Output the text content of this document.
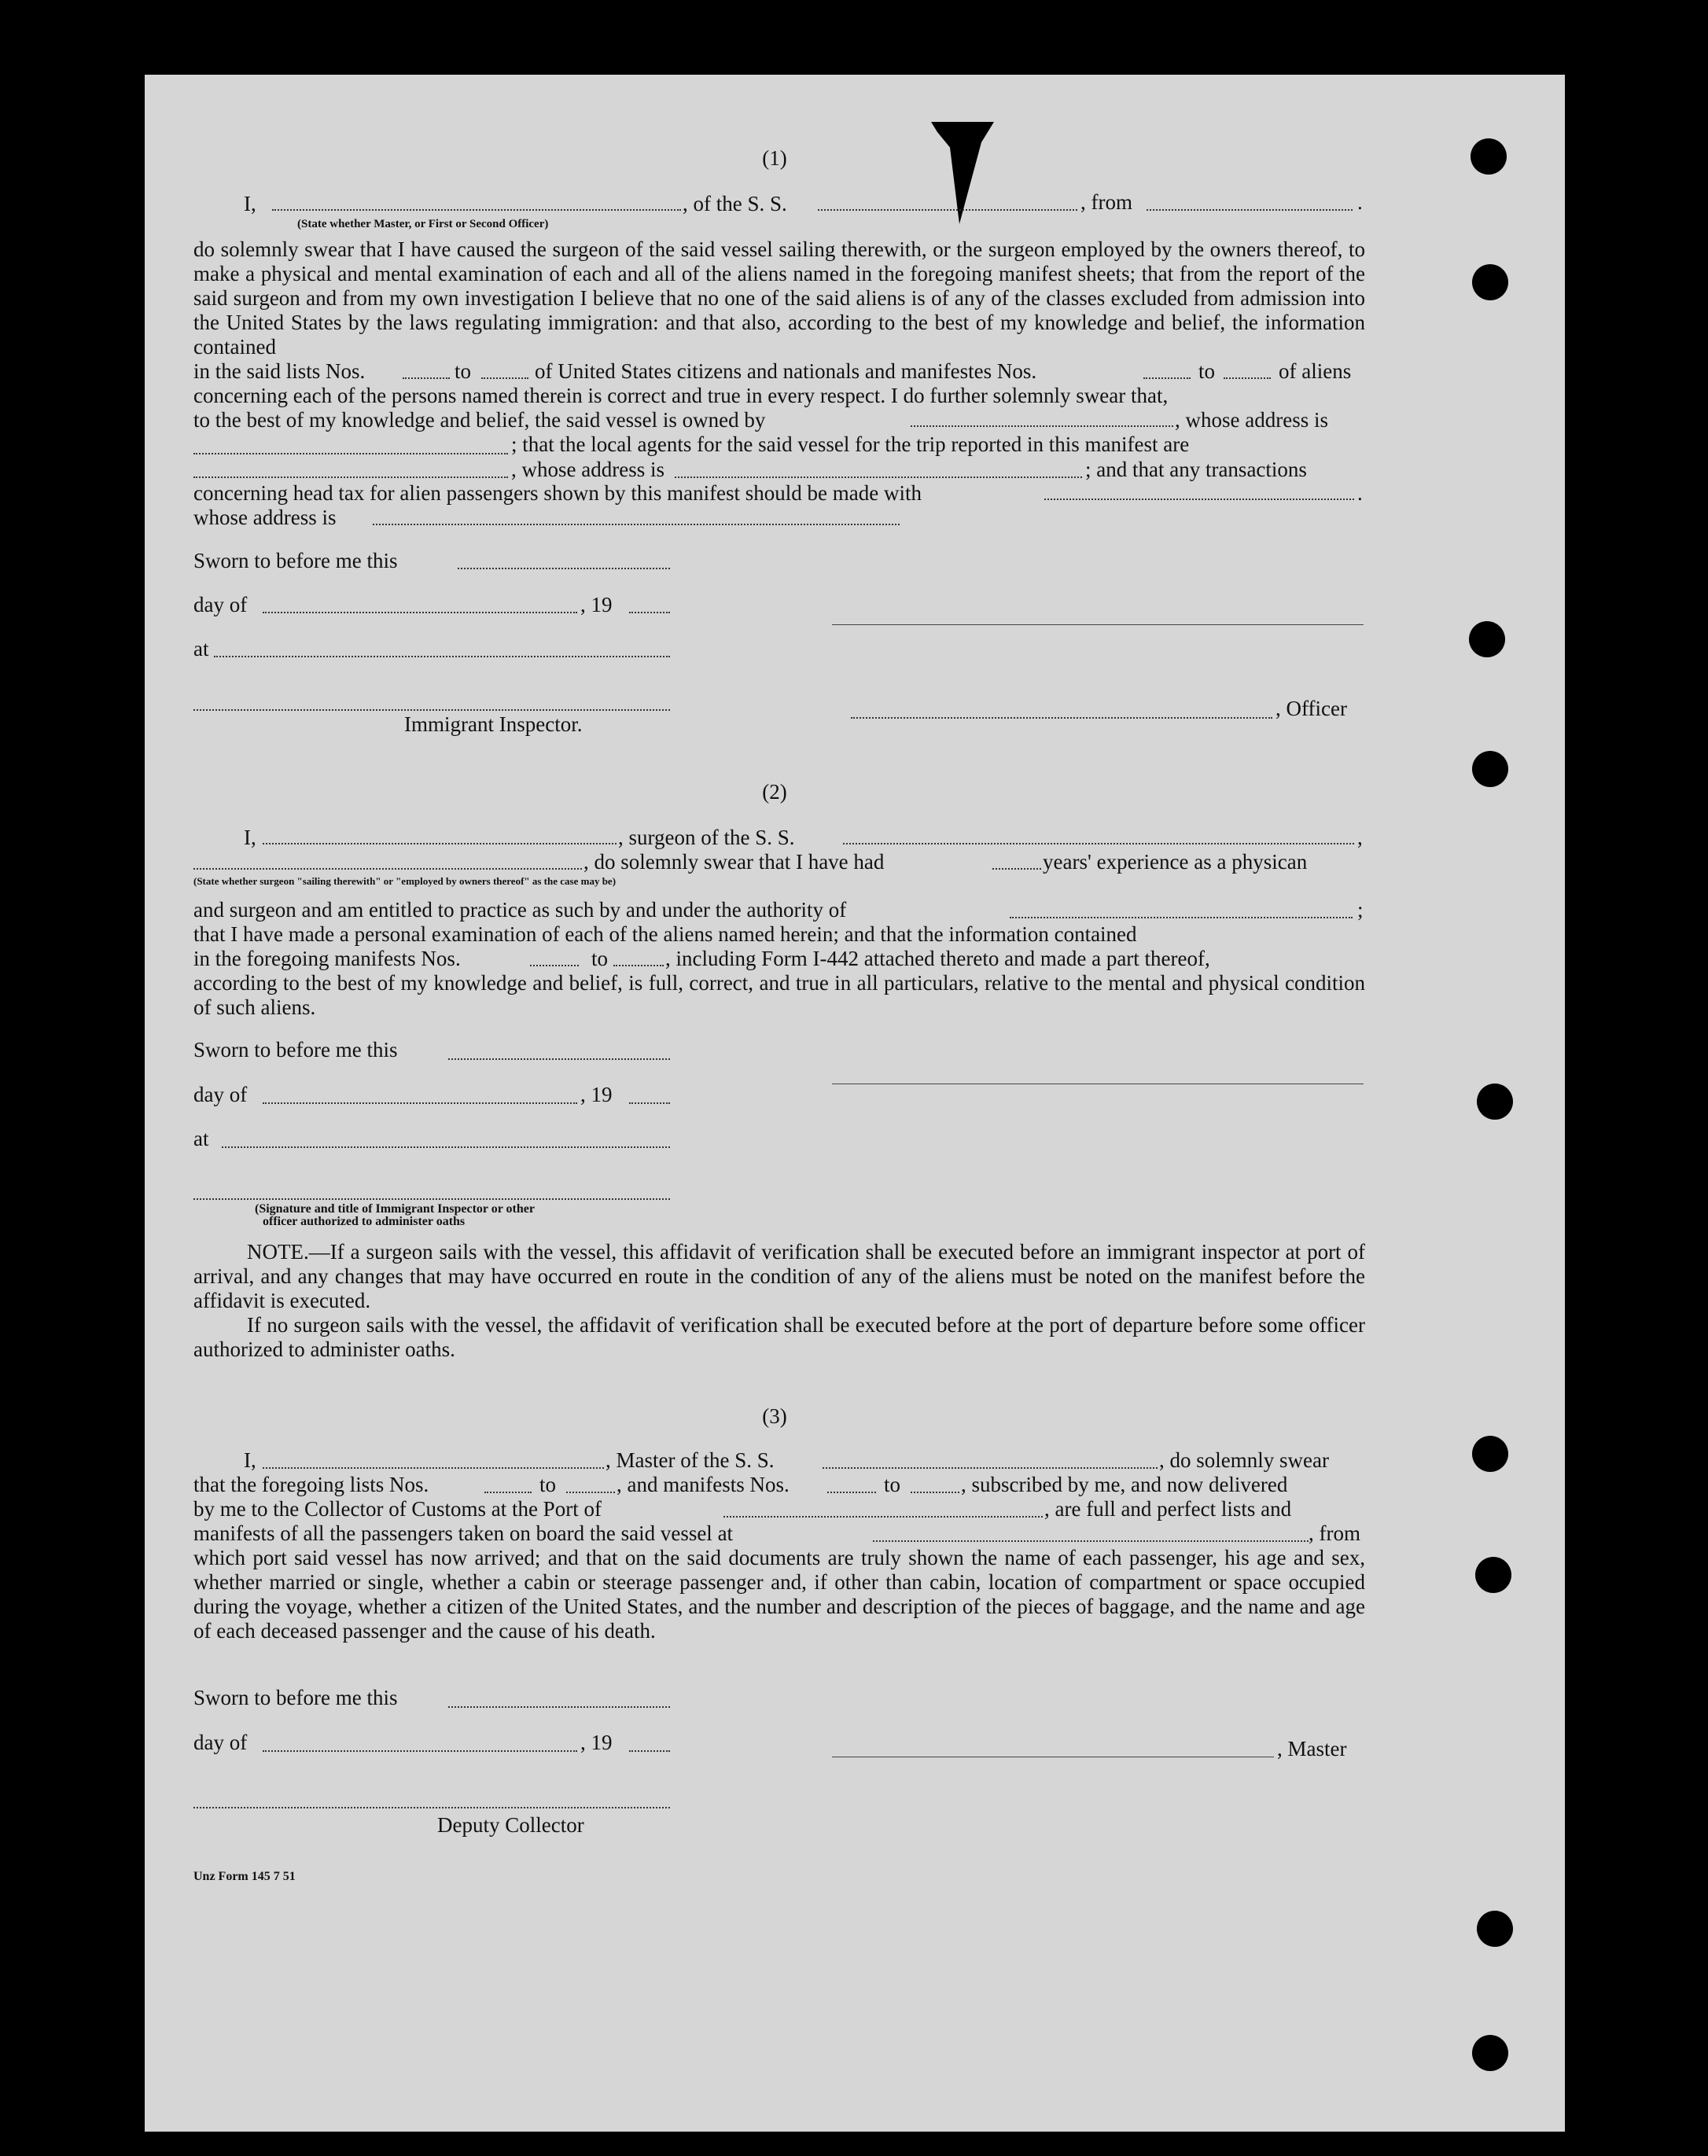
(1)
I,	, of the S. S.	, from	.
(State whether Master, or First or Second Officer)

do solemnly swear that I have caused the surgeon of the said vessel sailing therewith, or the surgeon employed by the owners thereof, to make a physical and mental examination of each and all of the aliens named in the foregoing manifest sheets; that from the report of the said surgeon and from my own investigation I believe that no one of the said aliens is of any of the classes excluded from admission into the United States by the laws regulating immigration: and that also, according to the best of my knowledge and belief, the information contained

in the said lists Nos.	to	of United States citizens and nationals and manifestes Nos.	to	of aliens

concerning each of the persons named therein is correct and true in every respect. I do further solemnly swear that,

to the best of my knowledge and belief, the said vessel is owned by	, whose address is
; that the local agents for the said vessel for the trip reported in this manifest are
, whose address is	; and that any transactions
concerning head tax for alien passengers shown by this manifest should be made with	.
whose address is
Sworn to before me this
day of	, 19
at
, Officer
Immigrant Inspector.
(2)
I,	, surgeon of the S. S.	,
, do solemnly swear that I have had	years' experience as a physican
(State whether surgeon "sailing therewith" or "employed by owners thereof" as the case may be)
and surgeon and am entitled to practice as such by and under the authority of	;

that I have made a personal examination of each of the aliens named herein; and that the information contained

in the foregoing manifests Nos.	to	, including Form I-442 attached thereto and made a part thereof,

according to the best of my knowledge and belief, is full, correct, and true in all particulars, relative to the mental and physical condition of such aliens.

Sworn to before me this
day of	, 19
at
(Signature and title of Immigrant Inspector or other
officer authorized to administer oaths

NOTE.—If a surgeon sails with the vessel, this affidavit of verification shall be executed before an immigrant inspector at port of arrival, and any changes that may have occurred en route in the condition of any of the aliens must be noted on the manifest before the affidavit is executed.

If no surgeon sails with the vessel, the affidavit of verification shall be executed before at the port of departure before some officer authorized to administer oaths.

(3)
I,	, Master of the S. S.	, do solemnly swear
that the foregoing lists Nos.	to	, and manifests Nos.	to	, subscribed by me, and now delivered
by me to the Collector of Customs at the Port of	, are full and perfect lists and
manifests of all the passengers taken on board the said vessel at	, from

which port said vessel has now arrived; and that on the said documents are truly shown the name of each passenger, his age and sex, whether married or single, whether a cabin or steerage passenger and, if other than cabin, location of compartment or space occupied during the voyage, whether a citizen of the United States, and the number and description of the pieces of baggage, and the name and age of each deceased passenger and the cause of his death.

Sworn to before me this
day of	, 19	, Master
Deputy Collector
Unz Form 145 7 51
